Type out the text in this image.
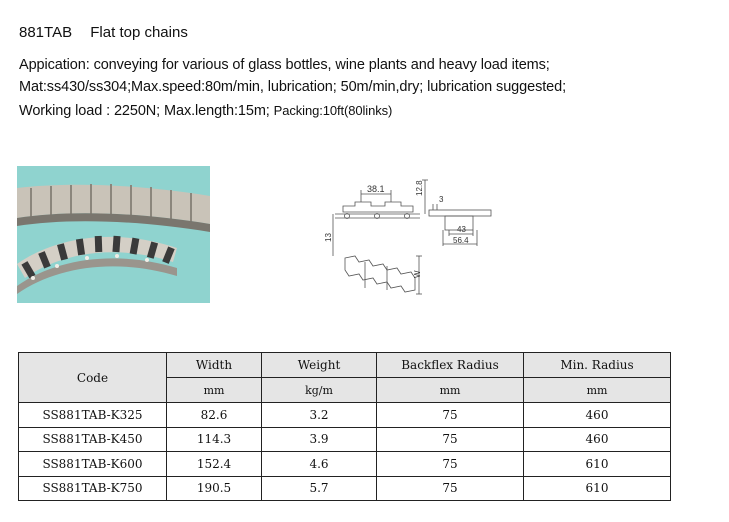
881TAB Flat top chains
Appication: conveying for various of glass bottles, wine plants and heavy load items;
Mat:ss430/ss304;Max.speed:80m/min, lubrication; 50m/min,dry; lubrication suggested;
Working load : 2250N; Max.length:15m; Packing:10ft(80links)
38.1	12.8
3
13
43
56.4
W
Code	Width	Weight	Backflex Radius	Min. Radius
	mm	kg/m	mm	mm
SS881TAB-K325	82.6	3.2	75	460
SS881TAB-K450	114.3	3.9	75	460
SS881TAB-K600	152.4	4.6	75	610
SS881TAB-K750	190.5	5.7	75	610
